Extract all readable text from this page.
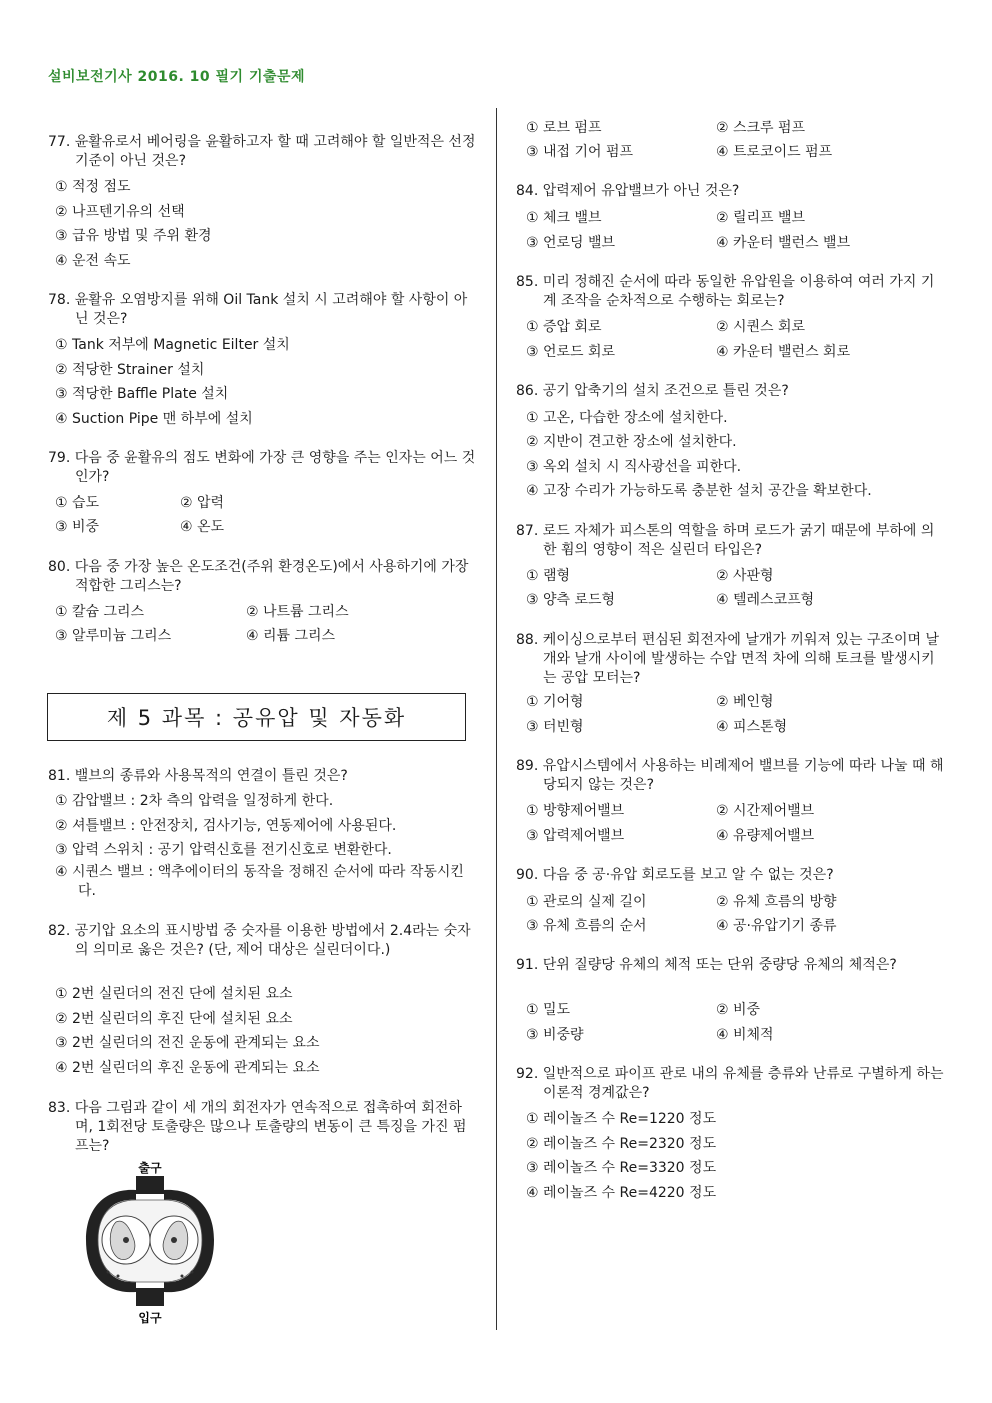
설비보전기사 2016. 10 필기 기출문제

77. 윤활유로서 베어링을 윤활하고자 할 때 고려해야 할 일반적은 선정기준이 아닌 것은?

① 적정 점도
② 나프텐기유의 선택
③ 급유 방법 및 주위 환경
④ 운전 속도

78. 윤활유 오염방지를 위해 Oil Tank 설치 시 고려해야 할 사항이 아닌 것은?

① Tank 저부에 Magnetic Eilter 설치
② 적당한 Strainer 설치
③ 적당한 Baffle Plate 설치
④ Suction Pipe 맨 하부에 설치

79. 다음 중 윤활유의 점도 변화에 가장 큰 영향을 주는 인자는 어느 것인가?

① 습도	② 압력
③ 비중	④ 온도

80. 다음 중 가장 높은 온도조건(주위 환경온도)에서 사용하기에 가장 적합한 그리스는?

① 칼슘 그리스	② 나트륨 그리스
③ 알루미늄 그리스	④ 리튬 그리스
제 5 과목 : 공유압 및 자동화

81. 밸브의 종류와 사용목적의 연결이 틀린 것은?

① 감압밸브 : 2차 측의 압력을 일정하게 한다.
② 셔틀밸브 : 안전장치, 검사기능, 연동제어에 사용된다.
③ 압력 스위치 : 공기 압력신호를 전기신호로 변환한다.

④ 시퀀스 밸브 : 액추에이터의 동작을 정해진 순서에 따라 작동시킨다.

82. 공기압 요소의 표시방법 중 숫자를 이용한 방법에서 2.4라는 숫자의 의미로 옳은 것은? (단, 제어 대상은 실린더이다.)

① 2번 실린더의 전진 단에 설치된 요소
② 2번 실린더의 후진 단에 설치된 요소
③ 2번 실린더의 전진 운동에 관계되는 요소
④ 2번 실린더의 후진 운동에 관계되는 요소

83. 다음 그림과 같이 세 개의 회전자가 연속적으로 접촉하여 회전하며, 1회전당 토출량은 많으나 토출량의 변동이 큰 특징을 가진 펌프는?

출구
입구
① 로브 펌프	② 스크루 펌프
③ 내접 기어 펌프	④ 트로코이드 펌프

84. 압력제어 유압밸브가 아닌 것은?

① 체크 밸브	② 릴리프 밸브
③ 언로딩 밸브	④ 카운터 밸런스 밸브

85. 미리 정해진 순서에 따라 동일한 유압원을 이용하여 여러 가지 기계 조작을 순차적으로 수행하는 회로는?

① 증압 회로	② 시퀀스 회로
③ 언로드 회로	④ 카운터 밸런스 회로

86. 공기 압축기의 설치 조건으로 틀린 것은?

① 고온, 다습한 장소에 설치한다.
② 지반이 견고한 장소에 설치한다.
③ 옥외 설치 시 직사광선을 피한다.
④ 고장 수리가 가능하도록 충분한 설치 공간을 확보한다.

87. 로드 자체가 피스톤의 역할을 하며 로드가 굵기 때문에 부하에 의한 휨의 영향이 적은 실린더 타입은?

① 램형	② 사판형
③ 양측 로드형	④ 텔레스코프형

88. 케이싱으로부터 편심된 회전자에 날개가 끼워져 있는 구조이며 날개와 날개 사이에 발생하는 수압 면적 차에 의해 토크를 발생시키는 공압 모터는?

① 기어형	② 베인형
③ 터빈형	④ 피스톤형

89. 유압시스템에서 사용하는 비례제어 밸브를 기능에 따라 나눌 때 해당되지 않는 것은?

① 방향제어밸브	② 시간제어밸브
③ 압력제어밸브	④ 유량제어밸브

90. 다음 중 공·유압 회로도를 보고 알 수 없는 것은?

① 관로의 실제 길이	② 유체 흐름의 방향
③ 유체 흐름의 순서	④ 공·유압기기 종류

91. 단위 질량당 유체의 체적 또는 단위 중량당 유체의 체적은?

① 밀도	② 비중
③ 비중량	④ 비체적

92. 일반적으로 파이프 관로 내의 유체를 층류와 난류로 구별하게 하는 이론적 경계값은?

① 레이놀즈 수 Re=1220 정도
② 레이놀즈 수 Re=2320 정도
③ 레이놀즈 수 Re=3320 정도
④ 레이놀즈 수 Re=4220 정도
